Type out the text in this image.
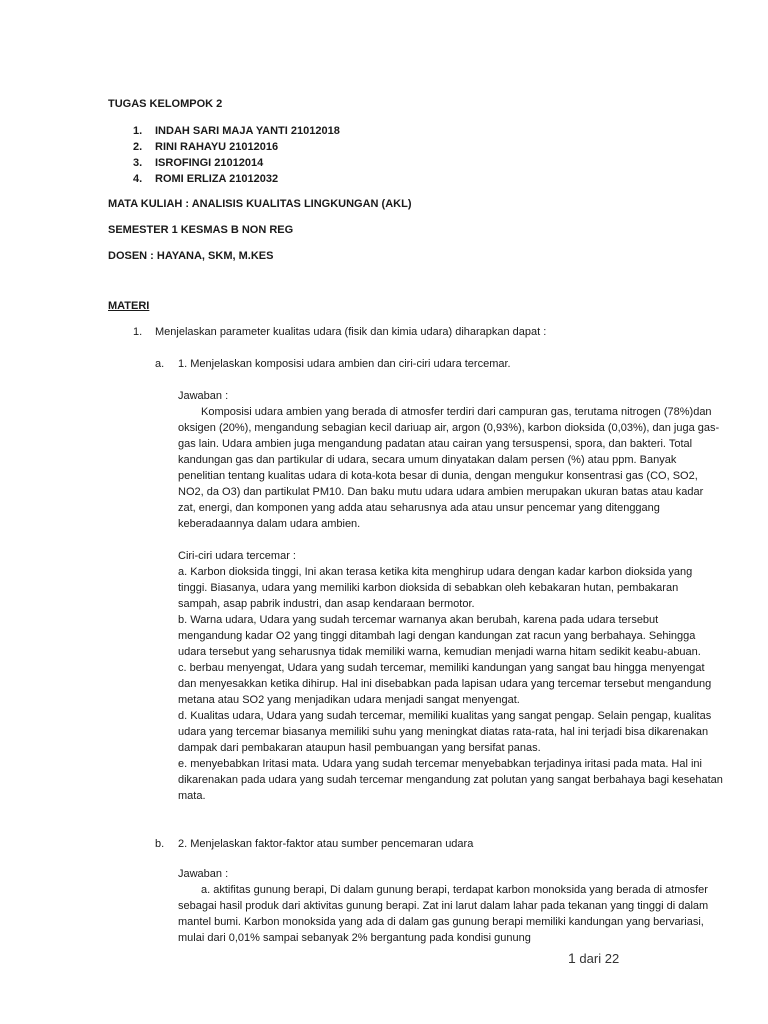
TUGAS KELOMPOK 2
1. INDAH SARI MAJA YANTI 21012018
2. RINI RAHAYU 21012016
3. ISROFINGI 21012014
4. ROMI ERLIZA 21012032
MATA KULIAH : ANALISIS KUALITAS LINGKUNGAN (AKL)
SEMESTER 1 KESMAS B NON REG
DOSEN : HAYANA, SKM, M.KES
MATERI
1. Menjelaskan parameter kualitas udara (fisik dan kimia udara) diharapkan dapat :
a. 1. Menjelaskan komposisi udara ambien dan ciri-ciri udara tercemar.

Jawaban :

Komposisi udara ambien yang berada di atmosfer terdiri dari campuran gas, terutama nitrogen (78%)dan oksigen (20%), mengandung sebagian kecil dariuap air, argon (0,93%), karbon dioksida (0,03%), dan juga gas-gas lain. Udara ambien juga mengandung padatan atau cairan yang tersuspensi, spora, dan bakteri. Total kandungan gas dan partikular di udara, secara umum dinyatakan dalam persen (%) atau ppm. Banyak penelitian tentang kualitas udara di kota-kota besar di dunia, dengan mengukur konsentrasi gas (CO, SO2, NO2, da O3) dan partikulat PM10. Dan baku mutu udara udara ambien merupakan ukuran batas atau kadar zat, energi, dan komponen yang adda atau seharusnya ada atau unsur pencemar yang ditenggang keberadaannya dalam udara ambien.

Ciri-ciri udara tercemar :

a. Karbon dioksida tinggi, Ini akan terasa ketika kita menghirup udara dengan kadar karbon dioksida yang tinggi. Biasanya, udara yang memiliki karbon dioksida di sebabkan oleh kebakaran hutan, pembakaran sampah, asap pabrik industri, dan asap kendaraan bermotor.

b. Warna udara, Udara yang sudah tercemar warnanya akan berubah, karena pada udara tersebut mengandung kadar O2 yang tinggi ditambah lagi dengan kandungan zat racun yang berbahaya. Sehingga udara tersebut yang seharusnya tidak memiliki warna, kemudian menjadi warna hitam sedikit keabu-abuan.

c. berbau menyengat, Udara yang sudah tercemar, memiliki kandungan yang sangat bau hingga menyengat dan menyesakkan ketika dihirup. Hal ini disebabkan pada lapisan udara yang tercemar tersebut mengandung metana atau SO2 yang menjadikan udara menjadi sangat menyengat.

d. Kualitas udara, Udara yang sudah tercemar, memiliki kualitas yang sangat pengap. Selain pengap, kualitas udara yang tercemar biasanya memiliki suhu yang meningkat diatas rata-rata, hal ini terjadi bisa dikarenakan dampak dari pembakaran ataupun hasil pembuangan yang bersifat panas.

e. menyebabkan Iritasi mata. Udara yang sudah tercemar menyebabkan terjadinya iritasi pada mata. Hal ini dikarenakan pada udara yang sudah tercemar mengandung zat polutan yang sangat berbahaya bagi kesehatan mata.

b. 2. Menjelaskan faktor-faktor atau sumber pencemaran udara

Jawaban :

a. aktifitas gunung berapi, Di dalam gunung berapi, terdapat karbon monoksida yang berada di atmosfer sebagai hasil produk dari aktivitas gunung berapi. Zat ini larut dalam lahar pada tekanan yang tinggi di dalam mantel bumi. Karbon monoksida yang ada di dalam gas gunung berapi memiliki kandungan yang bervariasi, mulai dari 0,01% sampai sebanyak 2% bergantung pada kondisi gunung

1 dari 22
